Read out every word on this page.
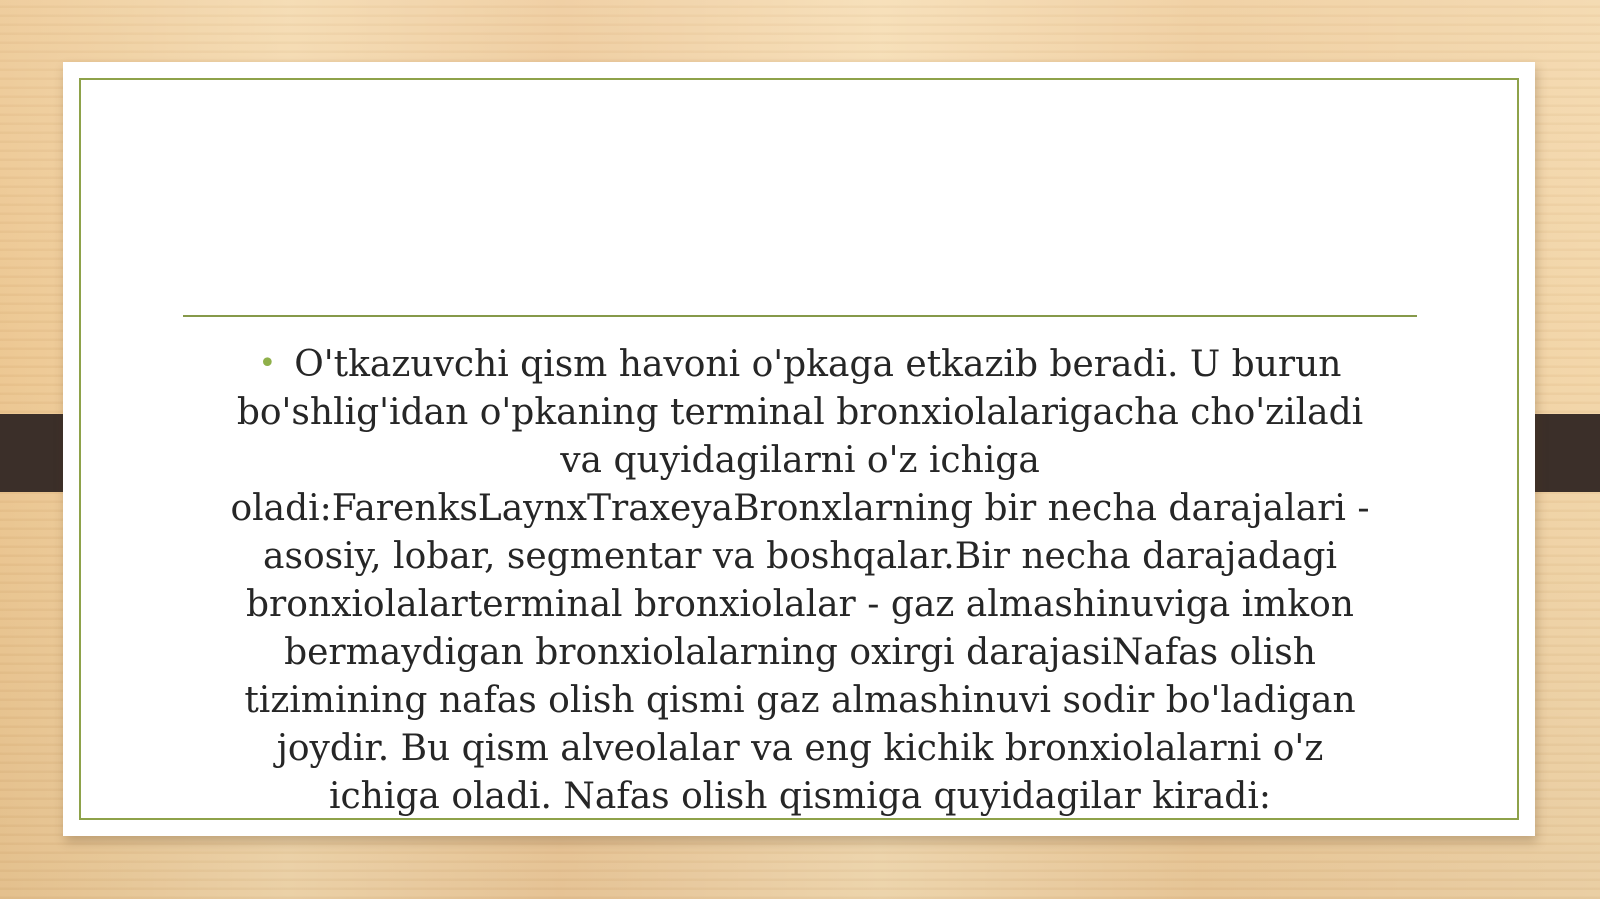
• O'tkazuvchi qism havoni o'pkaga etkazib beradi. U burun bo'shlig'idan o'pkaning terminal bronxiolalarigacha cho'ziladi va quyidagilarni o'z ichiga oladi:FarenksLaynxTraxeyaBronxlarning bir necha darajalari - asosiy, lobar, segmentar va boshqalar.Bir necha darajadagi bronxiolalarterminal bronxiolalar - gaz almashinuviga imkon bermaydigan bronxiolalarning oxirgi darajasiNafas olish tizimining nafas olish qismi gaz almashinuvi sodir bo'ladigan joydir. Bu qism alveolalar va eng kichik bronxiolalarni o'z ichiga oladi. Nafas olish qismiga quyidagilar kiradi:
